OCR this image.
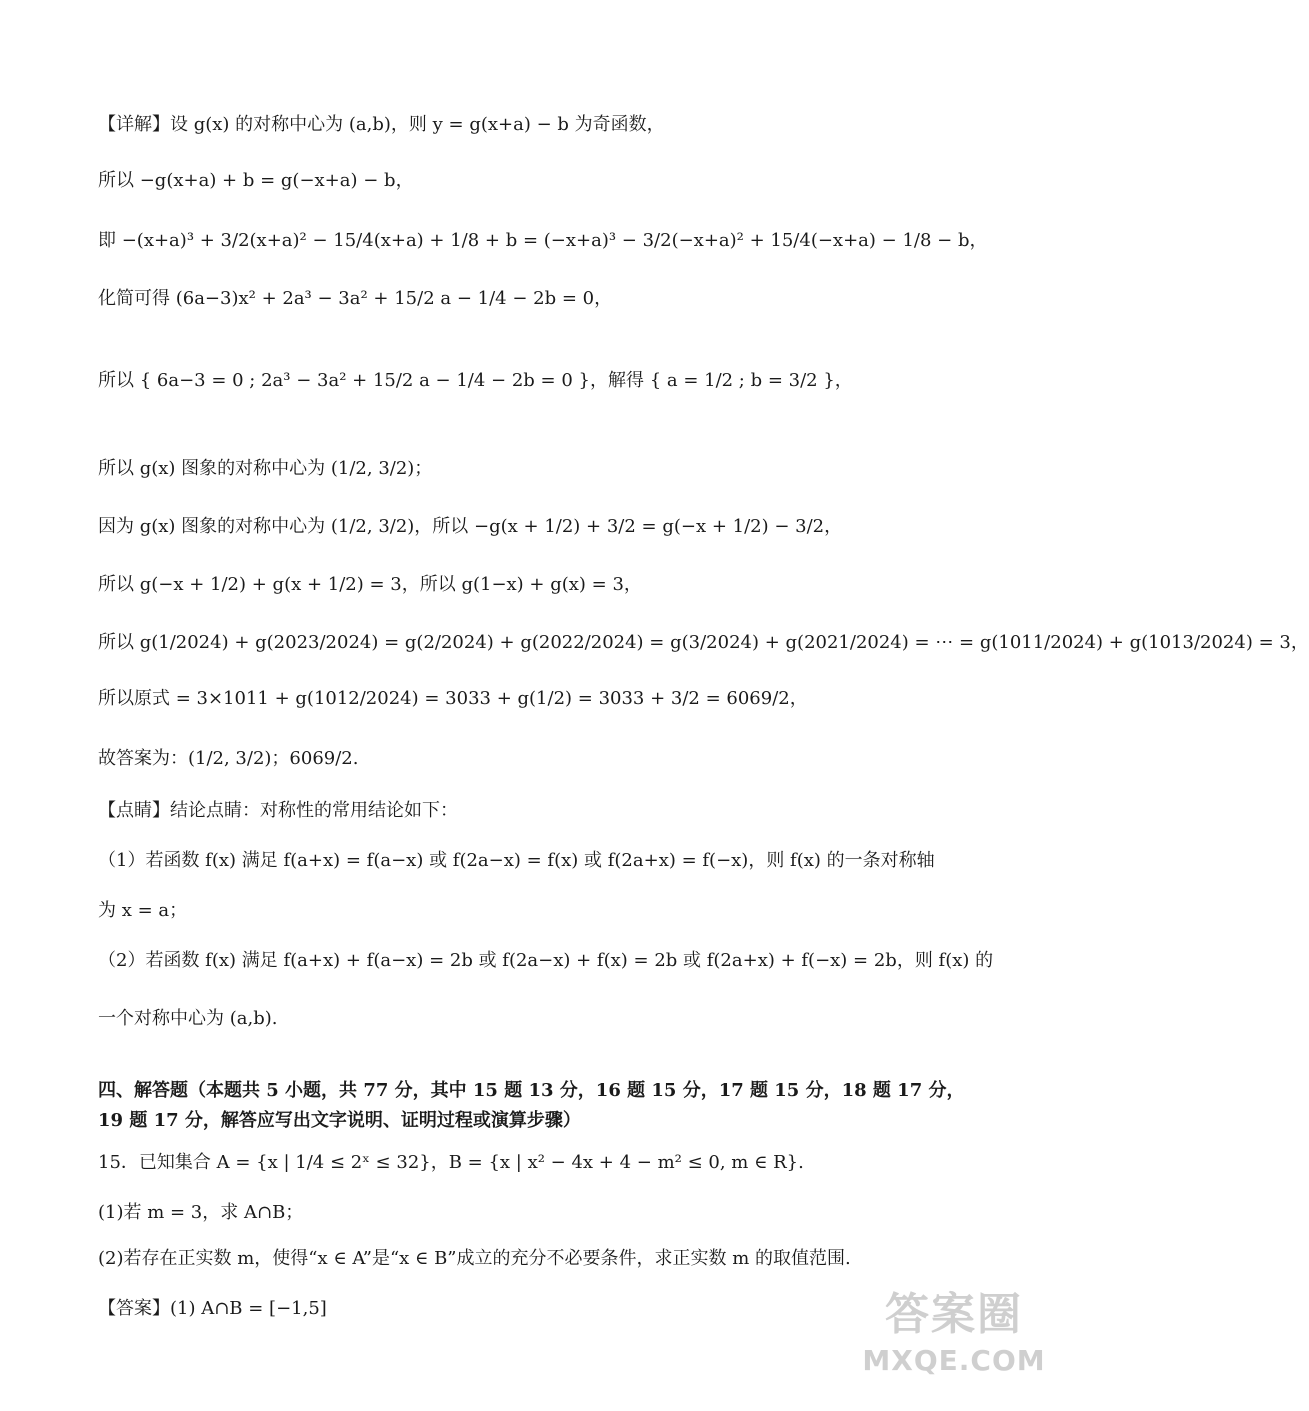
【详解】设 g(x) 的对称中心为 (a,b)，则 y = g(x+a) − b 为奇函数，
所以 −g(x+a) + b = g(−x+a) − b，
即 −(x+a)³ + 3/2(x+a)² − 15/4(x+a) + 1/8 + b = (−x+a)³ − 3/2(−x+a)² + 15/4(−x+a) − 1/8 − b，
化简可得 (6a−3)x² + 2a³ − 3a² + 15/2 a − 1/4 − 2b = 0，
所以 { 6a−3 = 0 ; 2a³ − 3a² + 15/2 a − 1/4 − 2b = 0 }，解得 { a = 1/2 ; b = 3/2 }，
所以 g(x) 图象的对称中心为 (1/2, 3/2)；
因为 g(x) 图象的对称中心为 (1/2, 3/2)，所以 −g(x + 1/2) + 3/2 = g(−x + 1/2) − 3/2，
所以 g(−x + 1/2) + g(x + 1/2) = 3，所以 g(1−x) + g(x) = 3，
所以 g(1/2024) + g(2023/2024) = g(2/2024) + g(2022/2024) = g(3/2024) + g(2021/2024) = ⋯ = g(1011/2024) + g(1013/2024) = 3，
所以原式 = 3×1011 + g(1012/2024) = 3033 + g(1/2) = 3033 + 3/2 = 6069/2，
故答案为：(1/2, 3/2)；6069/2.
【点睛】结论点睛：对称性的常用结论如下：
（1）若函数 f(x) 满足 f(a+x) = f(a−x) 或 f(2a−x) = f(x) 或 f(2a+x) = f(−x)，则 f(x) 的一条对称轴
为 x = a；
（2）若函数 f(x) 满足 f(a+x) + f(a−x) = 2b 或 f(2a−x) + f(x) = 2b 或 f(2a+x) + f(−x) = 2b，则 f(x) 的
一个对称中心为 (a,b).
四、解答题（本题共 5 小题，共 77 分，其中 15 题 13 分，16 题 15 分，17 题 15 分，18 题 17 分，19 题 17 分，解答应写出文字说明、证明过程或演算步骤）
15．已知集合 A = {x | 1/4 ≤ 2ˣ ≤ 32}，B = {x | x² − 4x + 4 − m² ≤ 0, m ∈ R}.
(1)若 m = 3，求 A∩B；
(2)若存在正实数 m，使得“x ∈ A”是“x ∈ B”成立的充分不必要条件，求正实数 m 的取值范围.
【答案】(1) A∩B = [−1,5]	答案圈
MXQE.COM
